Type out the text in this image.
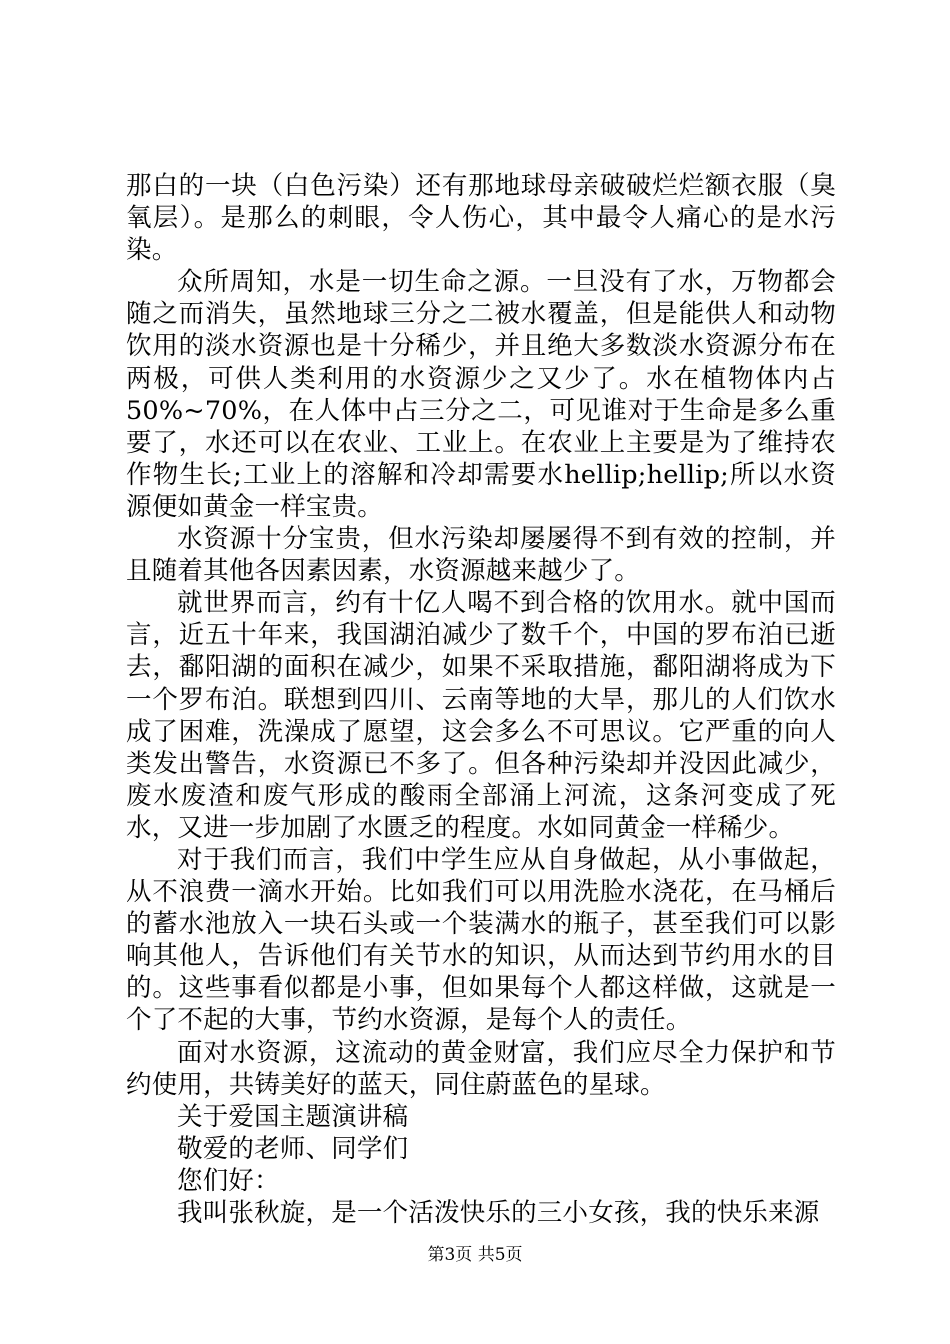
那白的一块（白色污染）还有那地球母亲破破烂烂额衣服（臭氧层）。是那么的刺眼，令人伤心，其中最令人痛心的是水污染。

众所周知，水是一切生命之源。一旦没有了水，万物都会随之而消失，虽然地球三分之二被水覆盖，但是能供人和动物饮用的淡水资源也是十分稀少，并且绝大多数淡水资源分布在两极，可供人类利用的水资源少之又少了。水在植物体内占50%~70%，在人体中占三分之二，可见谁对于生命是多么重要了，水还可以在农业、工业上。在农业上主要是为了维持农作物生长;工业上的溶解和冷却需要水hellip;hellip;所以水资源便如黄金一样宝贵。

水资源十分宝贵，但水污染却屡屡得不到有效的控制，并且随着其他各因素因素，水资源越来越少了。

就世界而言，约有十亿人喝不到合格的饮用水。就中国而言，近五十年来，我国湖泊减少了数千个，中国的罗布泊已逝去，鄱阳湖的面积在减少，如果不采取措施，鄱阳湖将成为下一个罗布泊。联想到四川、云南等地的大旱，那儿的人们饮水成了困难，洗澡成了愿望，这会多么不可思议。它严重的向人类发出警告，水资源已不多了。但各种污染却并没因此减少，废水废渣和废气形成的酸雨全部涌上河流，这条河变成了死水，又进一步加剧了水匮乏的程度。水如同黄金一样稀少。

对于我们而言，我们中学生应从自身做起，从小事做起，从不浪费一滴水开始。比如我们可以用洗脸水浇花，在马桶后的蓄水池放入一块石头或一个装满水的瓶子，甚至我们可以影响其他人，告诉他们有关节水的知识，从而达到节约用水的目的。这些事看似都是小事，但如果每个人都这样做，这就是一个了不起的大事，节约水资源，是每个人的责任。

面对水资源，这流动的黄金财富，我们应尽全力保护和节约使用，共铸美好的蓝天，同住蔚蓝色的星球。

关于爱国主题演讲稿

敬爱的老师、同学们

您们好：

我叫张秋旋，是一个活泼快乐的三小女孩，我的快乐来源

第3页 共5页
